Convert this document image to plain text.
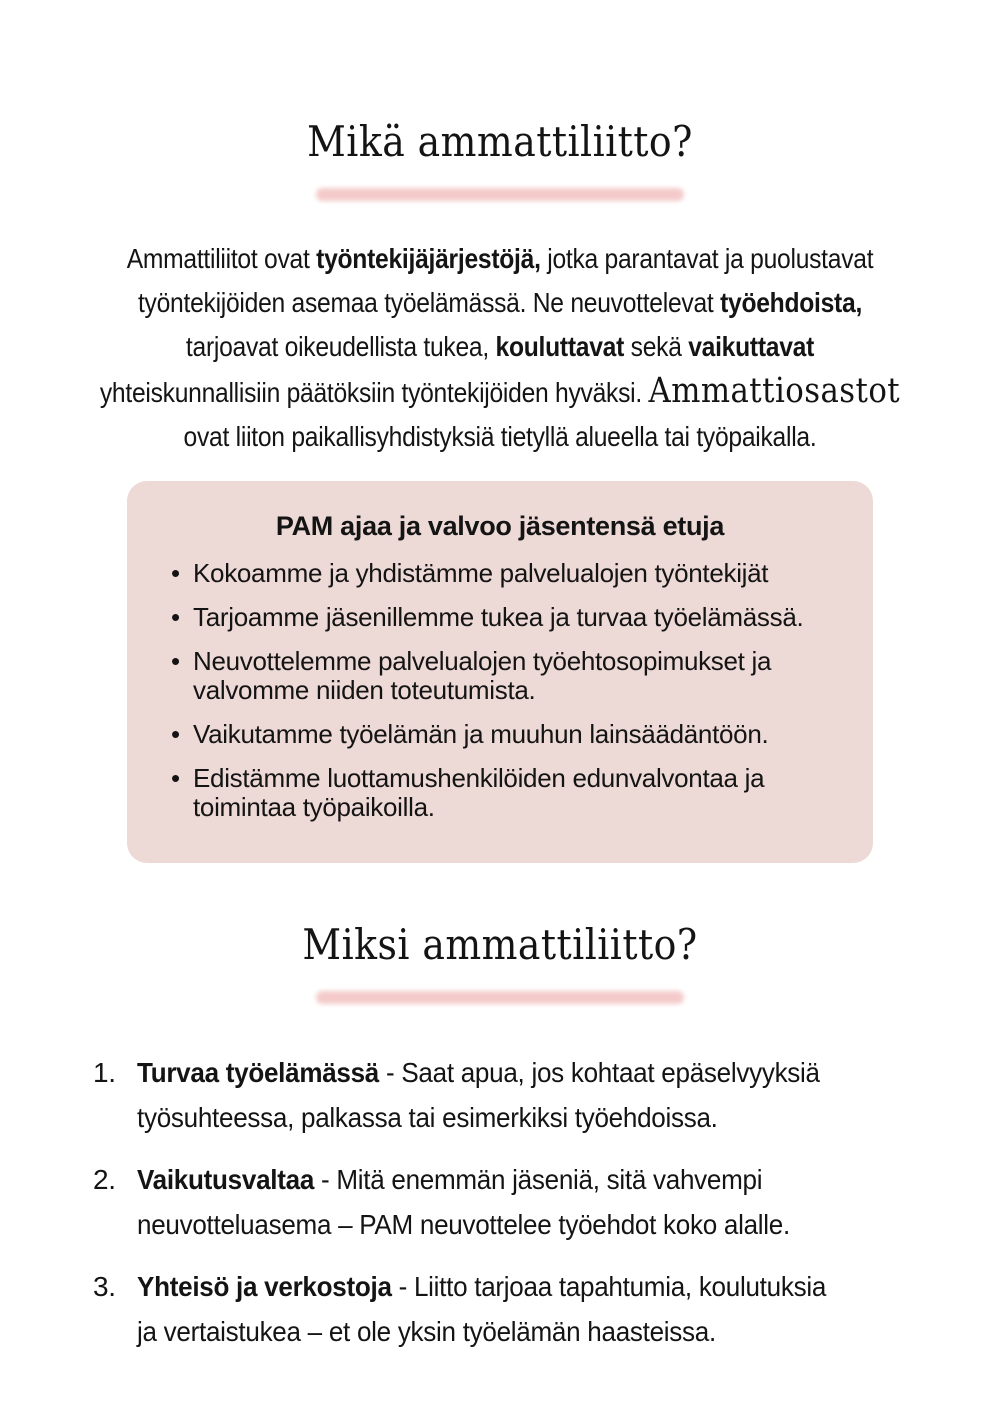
Mikä ammattiliitto?

Ammattiliitot ovat työntekijäjärjestöjä, jotka parantavat ja puolustavat
työntekijöiden asemaa työelämässä. Ne neuvottelevat työehdoista,
tarjoavat oikeudellista tukea, kouluttavat sekä vaikuttavat
yhteiskunnallisiin päätöksiin työntekijöiden hyväksi. Ammattiosastot
ovat liiton paikallisyhdistyksiä tietyllä alueella tai työpaikalla.

PAM ajaa ja valvoo jäsentensä etuja
• Kokoamme ja yhdistämme palvelualojen työntekijät
• Tarjoamme jäsenillemme tukea ja turvaa työelämässä.
• Neuvottelemme palvelualojen työehtosopimukset ja
valvomme niiden toteutumista.
• Vaikutamme työelämän ja muuhun lainsäädäntöön.
• Edistämme luottamushenkilöiden edunvalvontaa ja
toimintaa työpaikoilla.
Miksi ammattiliitto?
1. Turvaa työelämässä - Saat apua, jos kohtaat epäselvyyksiä
työsuhteessa, palkassa tai esimerkiksi työehdoissa.
2. Vaikutusvaltaa - Mitä enemmän jäseniä, sitä vahvempi
neuvotteluasema – PAM neuvottelee työehdot koko alalle.
3. Yhteisö ja verkostoja - Liitto tarjoaa tapahtumia, koulutuksia
ja vertaistukea – et ole yksin työelämän haasteissa.
